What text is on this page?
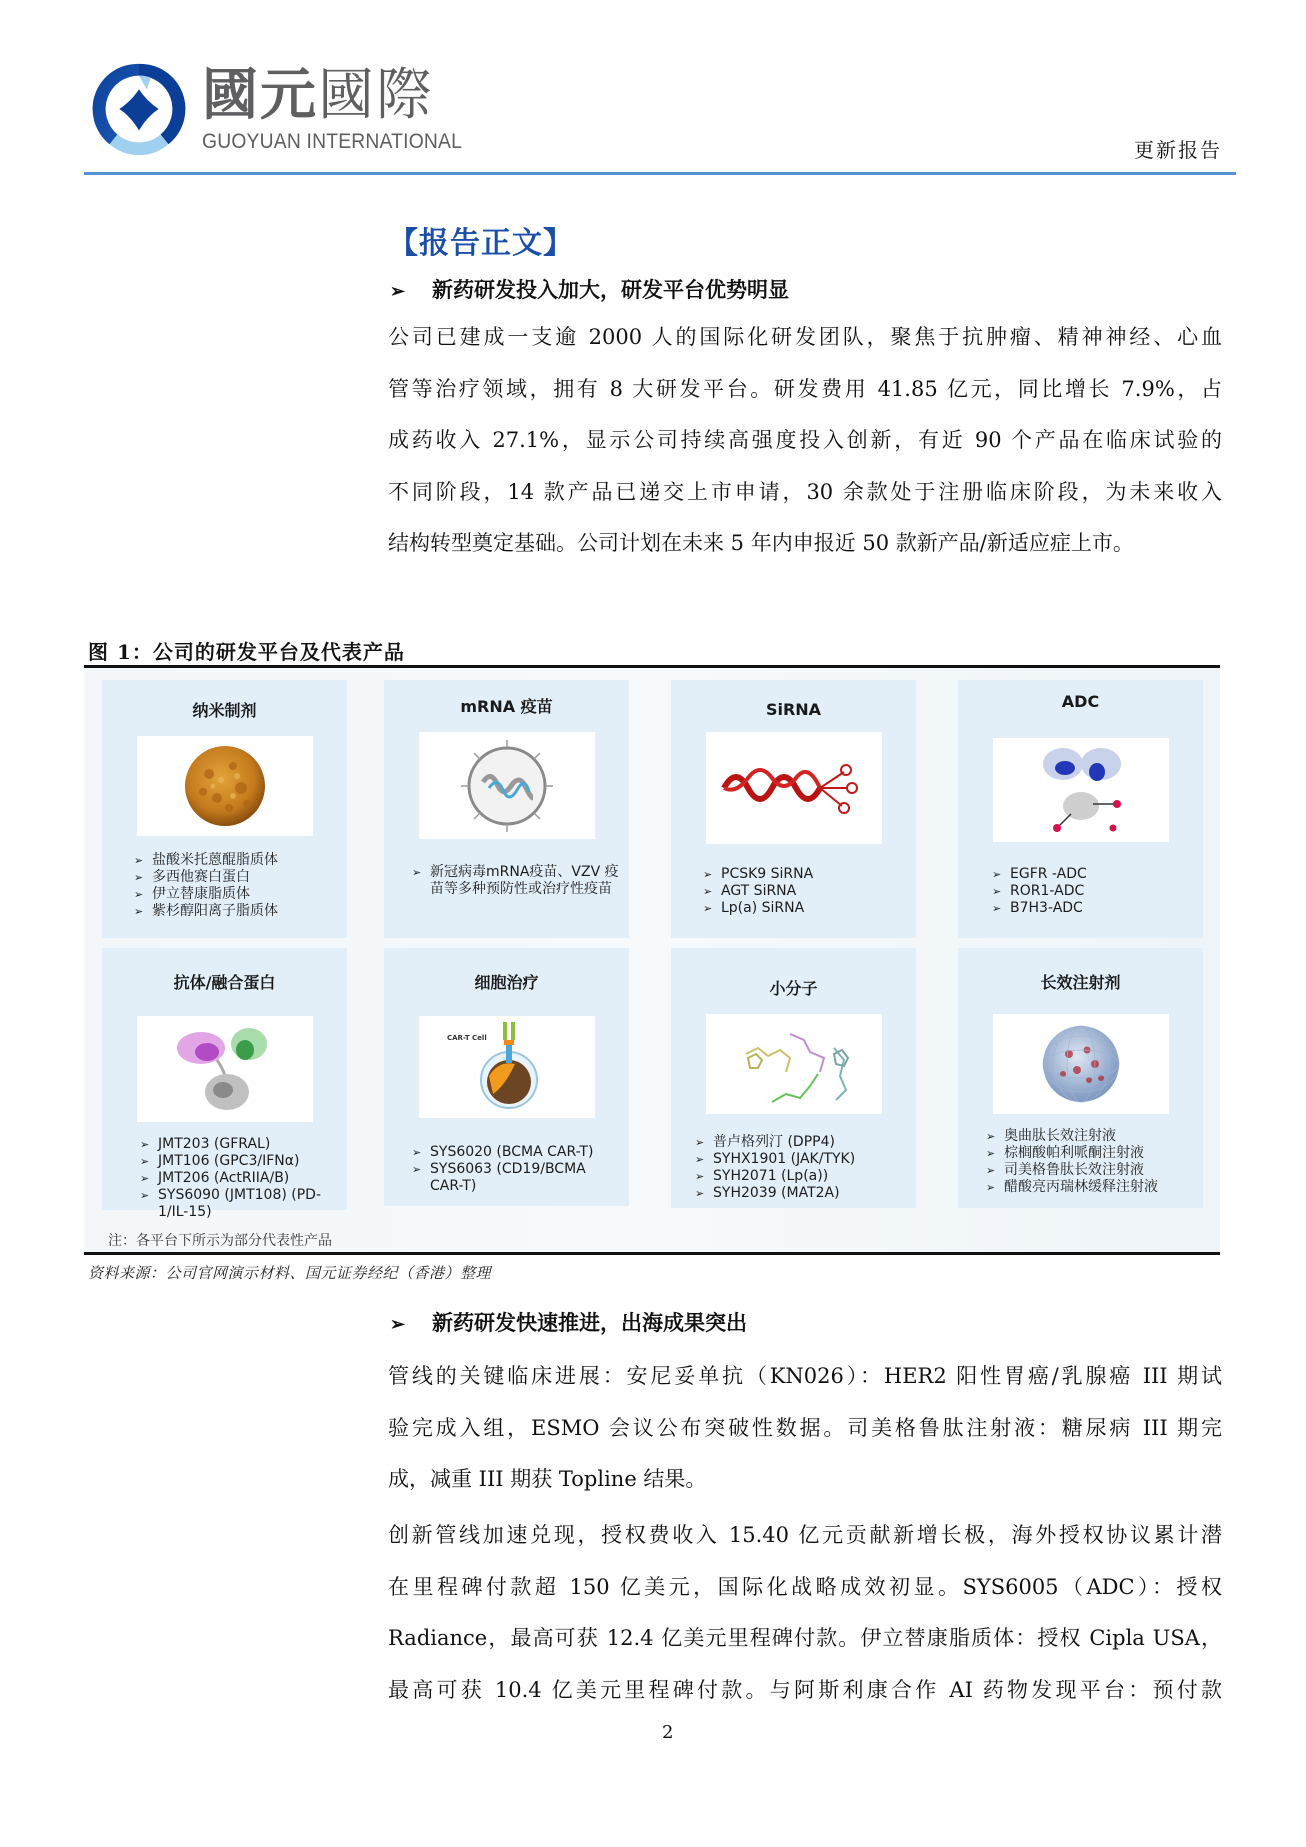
國元國際
GUOYUAN INTERNATIONAL	更新报告
【报告正文】
➢ 新药研发投入加大，研发平台优势明显
公司已建成一支逾 2000 人的国际化研发团队，聚焦于抗肿瘤、精神神经、心血
管等治疗领域，拥有 8 大研发平台。研发费用 41.85 亿元，同比增长 7.9%，占
成药收入 27.1%，显示公司持续高强度投入创新，有近 90 个产品在临床试验的
不同阶段，14 款产品已递交上市申请，30 余款处于注册临床阶段，为未来收入
结构转型奠定基础。公司计划在未来 5 年内申报近 50 款新产品/新适应症上市。
图 1：公司的研发平台及代表产品
纳米制剂
➢ 盐酸米托蒽醌脂质体
➢ 多西他赛白蛋白
➢ 伊立替康脂质体
➢ 紫杉醇阳离子脂质体
mRNA 疫苗
➢ 新冠病毒mRNA疫苗、VZV 疫苗等多种预防性或治疗性疫苗
SiRNA
➢ PCSK9 SiRNA
➢ AGT SiRNA
➢ Lp(a) SiRNA
ADC
➢ EGFR -ADC
➢ ROR1-ADC
➢ B7H3-ADC
抗体/融合蛋白
➢ JMT203 (GFRAL)
➢ JMT106 (GPC3/IFNα)
➢ JMT206 (ActRIIA/B)
➢ SYS6090 (JMT108) (PD-1/IL-15)
细胞治疗
CAR-T Cell
➢ SYS6020 (BCMA CAR-T)
➢ SYS6063 (CD19/BCMA CAR-T)
小分子
➢ 普卢格列汀 (DPP4)
➢ SYHX1901 (JAK/TYK)
➢ SYH2071 (Lp(a))
➢ SYH2039 (MAT2A)
长效注射剂
➢ 奥曲肽长效注射液
➢ 棕榈酸帕利哌酮注射液
➢ 司美格鲁肽长效注射液
➢ 醋酸亮丙瑞林缓释注射液
注：各平台下所示为部分代表性产品
资料来源：公司官网演示材料、国元证券经纪（香港）整理
➢ 新药研发快速推进，出海成果突出
管线的关键临床进展：安尼妥单抗（KN026）：HER2 阳性胃癌/乳腺癌 III 期试
验完成入组，ESMO 会议公布突破性数据。司美格鲁肽注射液：糖尿病 III 期完
成，减重 III 期获 Topline 结果。
创新管线加速兑现，授权费收入 15.40 亿元贡献新增长极，海外授权协议累计潜
在里程碑付款超 150 亿美元，国际化战略成效初显。SYS6005（ADC）：授权
Radiance，最高可获 12.4 亿美元里程碑付款。伊立替康脂质体：授权 Cipla USA，
最高可获 10.4 亿美元里程碑付款。与阿斯利康合作 AI 药物发现平台：预付款
2
